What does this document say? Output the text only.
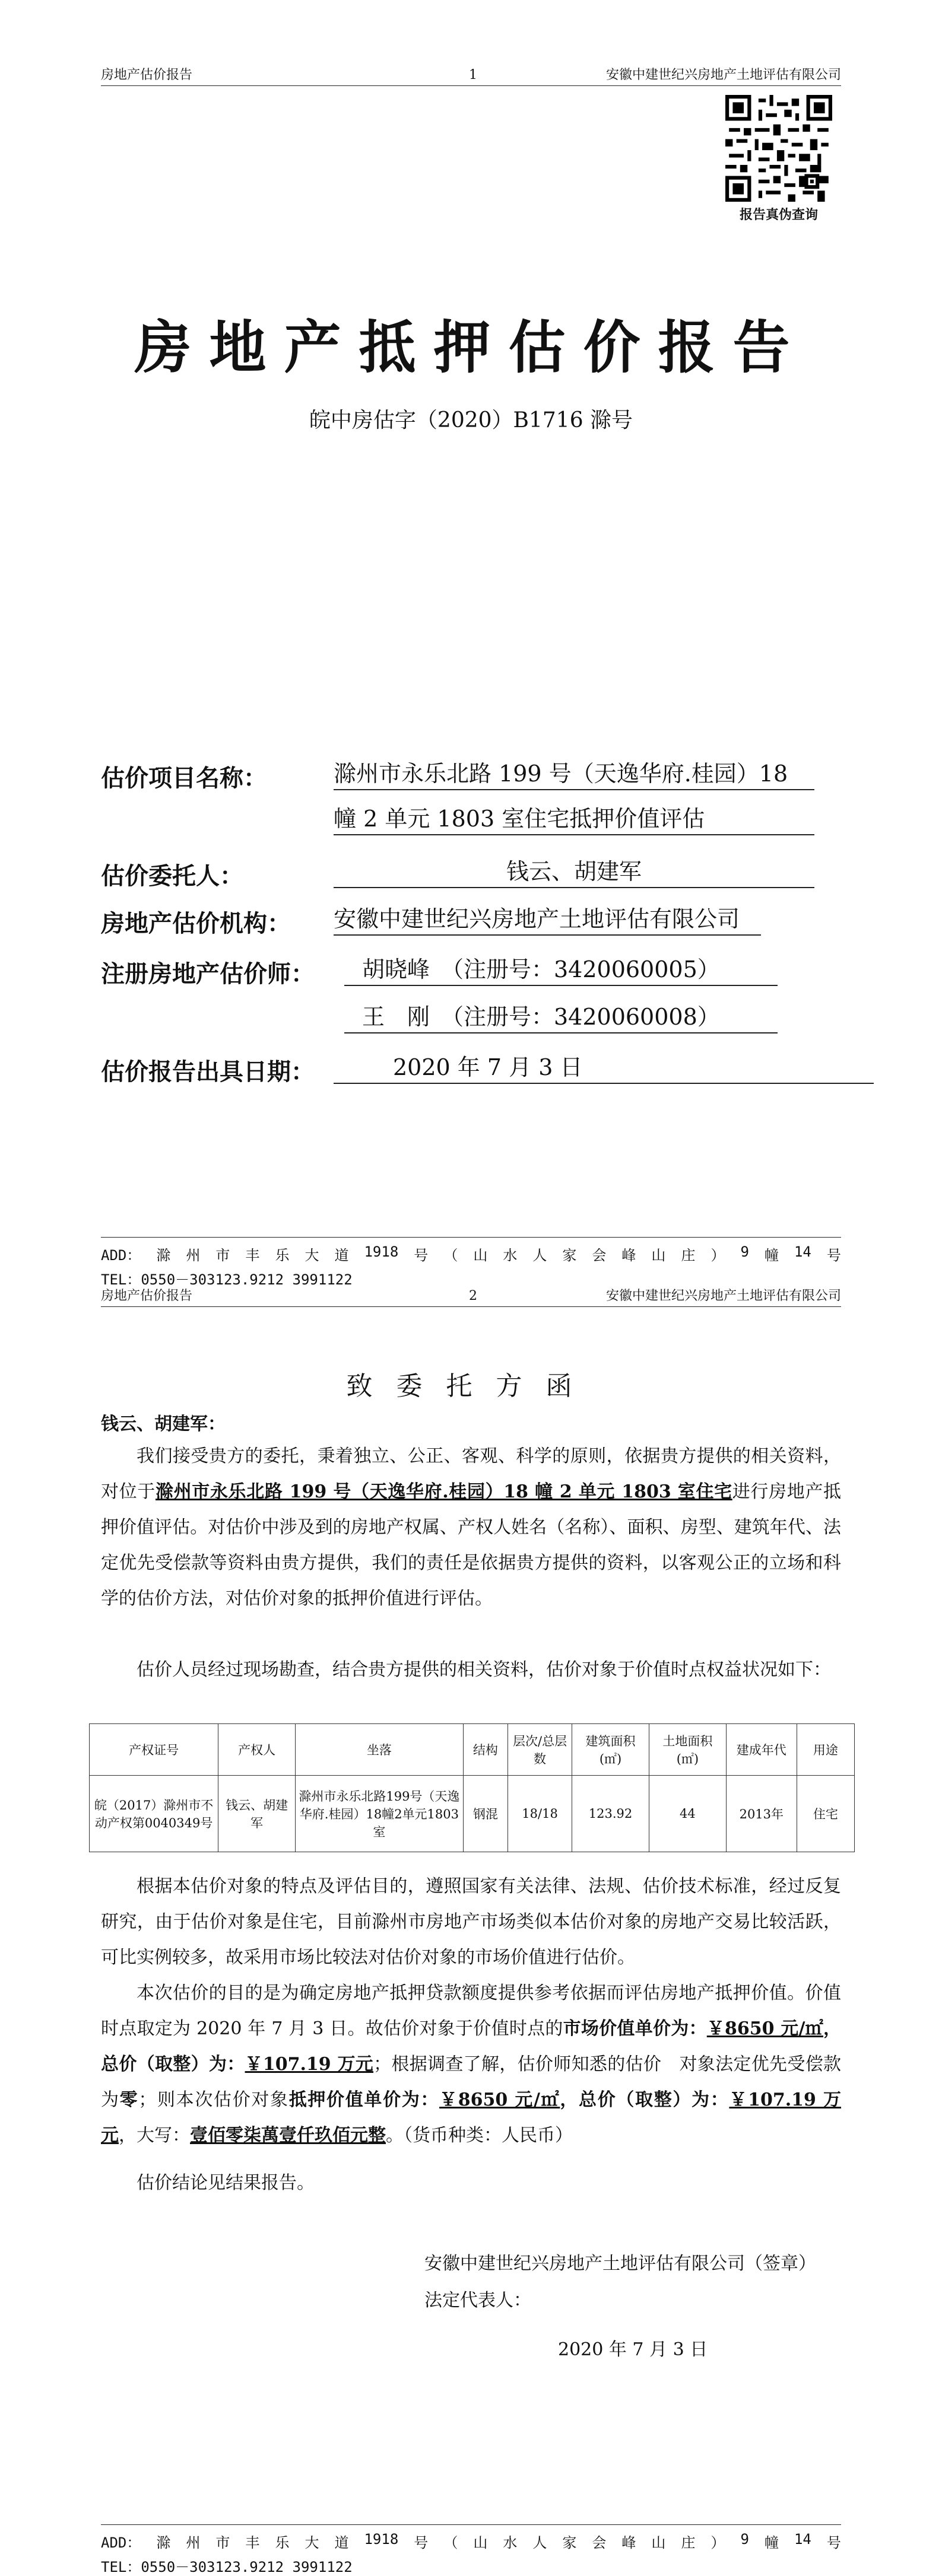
房地产估价报告	1	安徽中建世纪兴房地产土地评估有限公司
报告真伪查询
房地产抵押估价报告
皖中房估字（2020）B1716 滁号
估价项目名称：	滁州市永乐北路 199 号（天逸华府.桂园）18
幢 2 单元 1803 室住宅抵押价值评估
估价委托人：	钱云、胡建军
房地产估价机构： 安徽中建世纪兴房地产土地评估有限公司
注册房地产估价师：	胡晓峰　（注册号：3420060005）
王　刚　（注册号：3420060008）
估价报告出具日期：	2020 年 7 月 3 日
ADD： 滁 州 市 丰 乐 大 道 1918 号 （ 山 水 人 家 会 峰 山 庄 ） 9 幢 14 号
TEL：0550－303123.9212 3991122
房地产估价报告	2	安徽中建世纪兴房地产土地评估有限公司
致委托方函
钱云、胡建军：
我们接受贵方的委托，秉着独立、公正、客观、科学的原则，依据贵方提供的相关资料，对位于滁州市永乐北路 199 号（天逸华府.桂园）18 幢 2 单元 1803 室住宅进行房地产抵押价值评估。对估价中涉及到的房地产权属、产权人姓名（名称）、面积、房型、建筑年代、法定优先受偿款等资料由贵方提供，我们的责任是依据贵方提供的资料，以客观公正的立场和科学的估价方法，对估价对象的抵押价值进行评估。
估价人员经过现场勘查，结合贵方提供的相关资料，估价对象于价值时点权益状况如下：
产权证号	产权人	坐落	结构	层次/总层数	建筑面积(㎡)	土地面积(㎡)	建成年代	用途
皖（2017）滁州市不动产权第0040349号	钱云、胡建军	滁州市永乐北路199号（天逸华府.桂园）18幢2单元1803室	钢混	18/18	123.92	44	2013年	住宅
根据本估价对象的特点及评估目的，遵照国家有关法律、法规、估价技术标准，经过反复研究，由于估价对象是住宅，目前滁州市房地产市场类似本估价对象的房地产交易比较活跃，可比实例较多，故采用市场比较法对估价对象的市场价值进行估价。
本次估价的目的是为确定房地产抵押贷款额度提供参考依据而评估房地产抵押价值。价值时点取定为 2020 年 7 月 3 日。故估价对象于价值时点的市场价值单价为：￥8650 元/㎡，总价（取整）为：￥107.19 万元；根据调查了解，估价师知悉的估价　对象法定优先受偿款为零；则本次估价对象抵押价值单价为：￥8650 元/㎡，总价（取整）为：￥107.19 万元，大写：壹佰零柒萬壹仟玖佰元整。（货币种类：人民币）
估价结论见结果报告。
安徽中建世纪兴房地产土地评估有限公司（签章）
法定代表人：
2020 年 7 月 3 日
ADD： 滁 州 市 丰 乐 大 道 1918 号 （ 山 水 人 家 会 峰 山 庄 ） 9 幢 14 号
TEL：0550－303123.9212 3991122
